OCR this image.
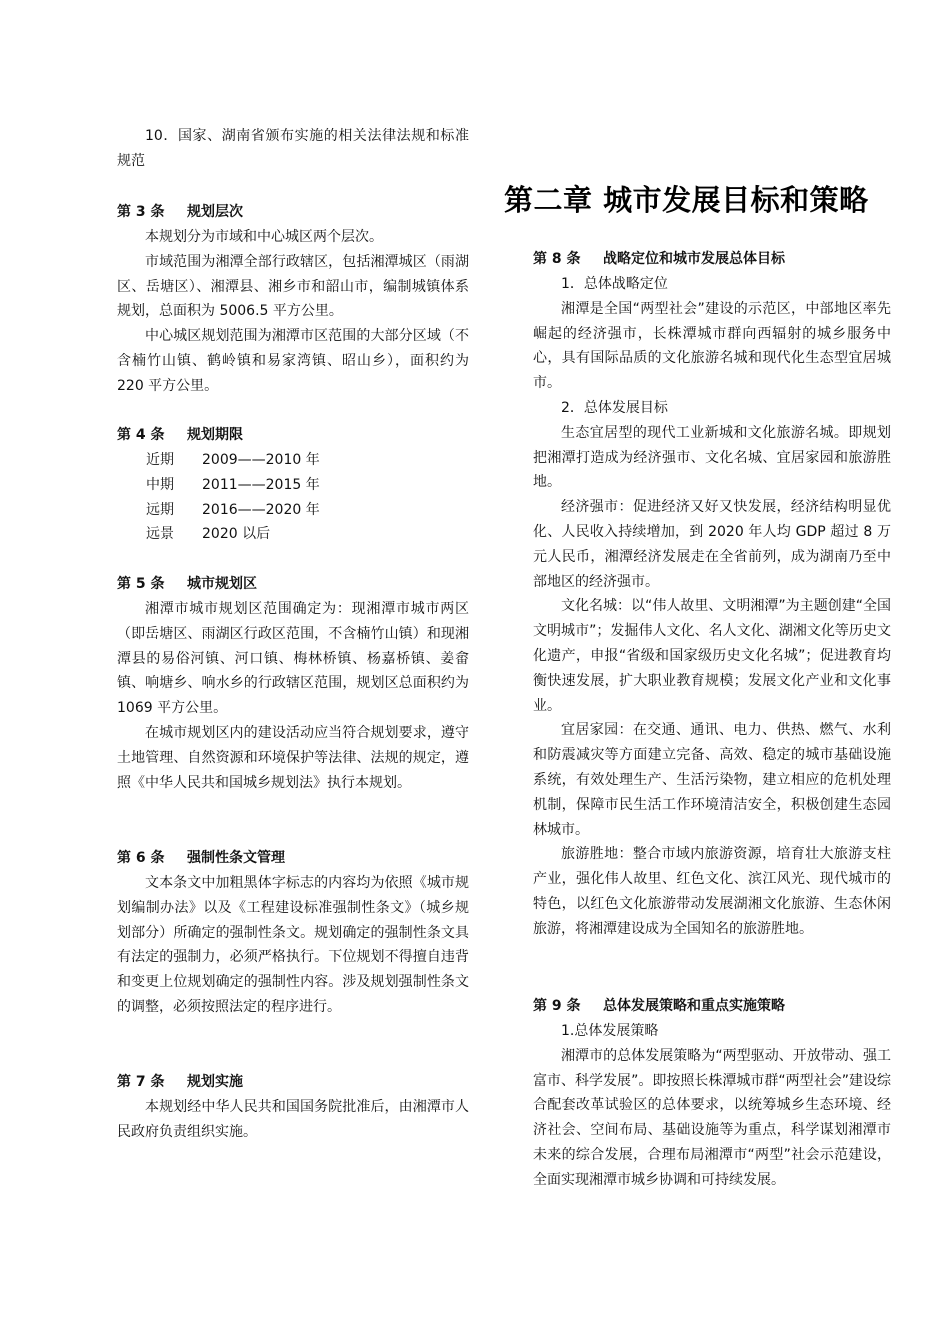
10．国家、湖南省颁布实施的相关法律法规和标准规范

第 3 条 规划层次

本规划分为市域和中心城区两个层次。

市域范围为湘潭全部行政辖区，包括湘潭城区（雨湖区、岳塘区）、湘潭县、湘乡市和韶山市，编制城镇体系规划，总面积为 5006.5 平方公里。

中心城区规划范围为湘潭市区范围的大部分区域（不含楠竹山镇、鹤岭镇和易家湾镇、昭山乡），面积约为 220 平方公里。

第 4 条 规划期限
近期 2009——2010 年
中期 2011——2015 年
远期 2016——2020 年
远景 2020 以后
第 5 条 城市规划区

湘潭市城市规划区范围确定为：现湘潭市城市两区（即岳塘区、雨湖区行政区范围，不含楠竹山镇）和现湘潭县的易俗河镇、河口镇、梅林桥镇、杨嘉桥镇、姜畲镇、响塘乡、响水乡的行政辖区范围，规划区总面积约为 1069 平方公里。

在城市规划区内的建设活动应当符合规划要求，遵守土地管理、自然资源和环境保护等法律、法规的规定，遵照《中华人民共和国城乡规划法》执行本规划。

第 6 条 强制性条文管理

文本条文中加粗黑体字标志的内容均为依照《城市规划编制办法》以及《工程建设标准强制性条文》（城乡规划部分）所确定的强制性条文。规划确定的强制性条文具有法定的强制力，必须严格执行。下位规划不得擅自违背和变更上位规划确定的强制性内容。涉及规划强制性条文的调整，必须按照法定的程序进行。

第 7 条 规划实施

本规划经中华人民共和国国务院批准后，由湘潭市人民政府负责组织实施。

第二章 城市发展目标和策略
第 8 条 战略定位和城市发展总体目标

1．总体战略定位

湘潭是全国“两型社会”建设的示范区，中部地区率先崛起的经济强市，长株潭城市群向西辐射的城乡服务中心，具有国际品质的文化旅游名城和现代化生态型宜居城市。

2．总体发展目标

生态宜居型的现代工业新城和文化旅游名城。即规划把湘潭打造成为经济强市、文化名城、宜居家园和旅游胜地。

经济强市：促进经济又好又快发展，经济结构明显优化、人民收入持续增加，到 2020 年人均 GDP 超过 8 万元人民币，湘潭经济发展走在全省前列，成为湖南乃至中部地区的经济强市。

文化名城：以“伟人故里、文明湘潭”为主题创建“全国文明城市”；发掘伟人文化、名人文化、湖湘文化等历史文化遗产，申报“省级和国家级历史文化名城”；促进教育均衡快速发展，扩大职业教育规模；发展文化产业和文化事业。

宜居家园：在交通、通讯、电力、供热、燃气、水利和防震减灾等方面建立完备、高效、稳定的城市基础设施系统，有效处理生产、生活污染物，建立相应的危机处理机制，保障市民生活工作环境清洁安全，积极创建生态园林城市。

旅游胜地：整合市域内旅游资源，培育壮大旅游支柱产业，强化伟人故里、红色文化、滨江风光、现代城市的特色，以红色文化旅游带动发展湖湘文化旅游、生态休闲旅游，将湘潭建设成为全国知名的旅游胜地。

第 9 条 总体发展策略和重点实施策略

1.总体发展策略

湘潭市的总体发展策略为“两型驱动、开放带动、强工富市、科学发展”。即按照长株潭城市群“两型社会”建设综合配套改革试验区的总体要求，以统筹城乡生态环境、经济社会、空间布局、基础设施等为重点，科学谋划湘潭市未来的综合发展，合理布局湘潭市“两型”社会示范建设，全面实现湘潭市城乡协调和可持续发展。
